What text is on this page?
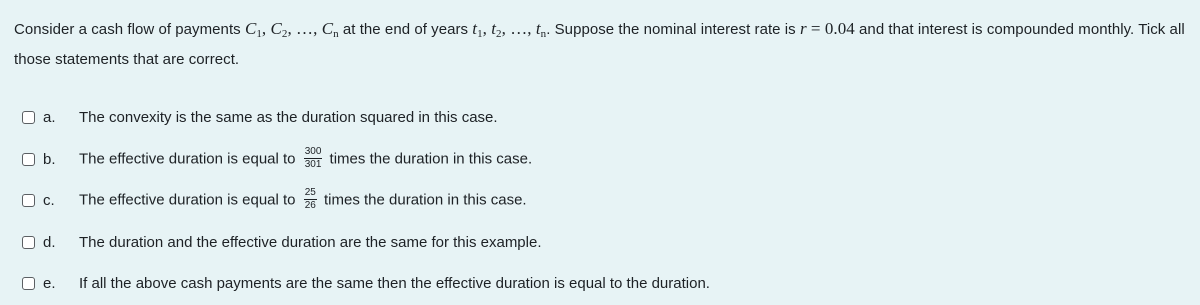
Consider a cash flow of payments $C_1$, $C_2$, …, $C_n$ at the end of years $t_1$, $t_2$, …, $t_n$. Suppose the nominal interest rate is r = 0.04 and that interest is compounded monthly. Tick all those statements that are correct.

a.	The convexity is the same as the duration squared in this case.
b.	The effective duration is equal to $\frac{300}{301}$ times the duration in this case.
c.	The effective duration is equal to $\frac{25}{26}$ times the duration in this case.
d.	The duration and the effective duration are the same for this example.
e.	If all the above cash payments are the same then the effective duration is equal to the duration.
